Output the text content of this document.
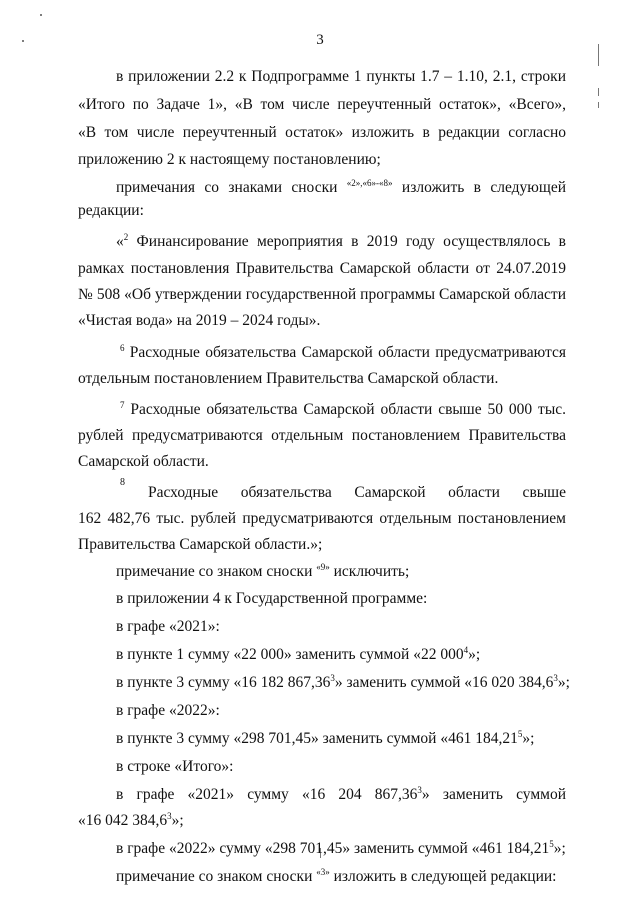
3
в приложении 2.2 к Подпрограмме 1 пункты 1.7 – 1.10, 2.1, строки
«Итого по Задаче 1», «В том числе переучтенный остаток», «Всего»,
«В том числе переучтенный остаток» изложить в редакции согласно
приложению 2 к настоящему постановлению;
примечания со знаками сноски $^{«2»,«6»-«8»}$ изложить в следующей
редакции:
«$^2$ Финансирование мероприятия в 2019 году осуществлялось в
рамках постановления Правительства Самарской области от 24.07.2019
№ 508 «Об утверждении государственной программы Самарской области
«Чистая вода» на 2019 – 2024 годы».
$^6$ Расходные обязательства Самарской области предусматриваются
отдельным постановлением Правительства Самарской области.
$^7$ Расходные обязательства Самарской области свыше 50 000 тыс.
рублей предусматриваются отдельным постановлением Правительства
Самарской области.
8
Расходные обязательства Самарской области свыше
162 482,76 тыс. рублей предусматриваются отдельным постановлением
Правительства Самарской области.»;
примечание со знаком сноски $^{«9»}$ исключить;
в приложении 4 к Государственной программе:
в графе «2021»:
в пункте 1 сумму «22 000» заменить суммой «22 $000^4$»;
в пункте 3 сумму «16 182 867,36$^3$» заменить суммой «16 020 384,6$^3$»;
в графе «2022»:
в пункте 3 сумму «298 701,45» заменить суммой «461 184,21$^5$»;
в строке «Итого»:
в графе «2021» сумму «16 204 867,36$^3$» заменить суммой
«16 042 384,6$^3$»;
в графе «2022» сумму «298 701,45» заменить суммой «461 184,21$^5$»;
примечание со знаком сноски $^{«3»}$ изложить в следующей редакции:
